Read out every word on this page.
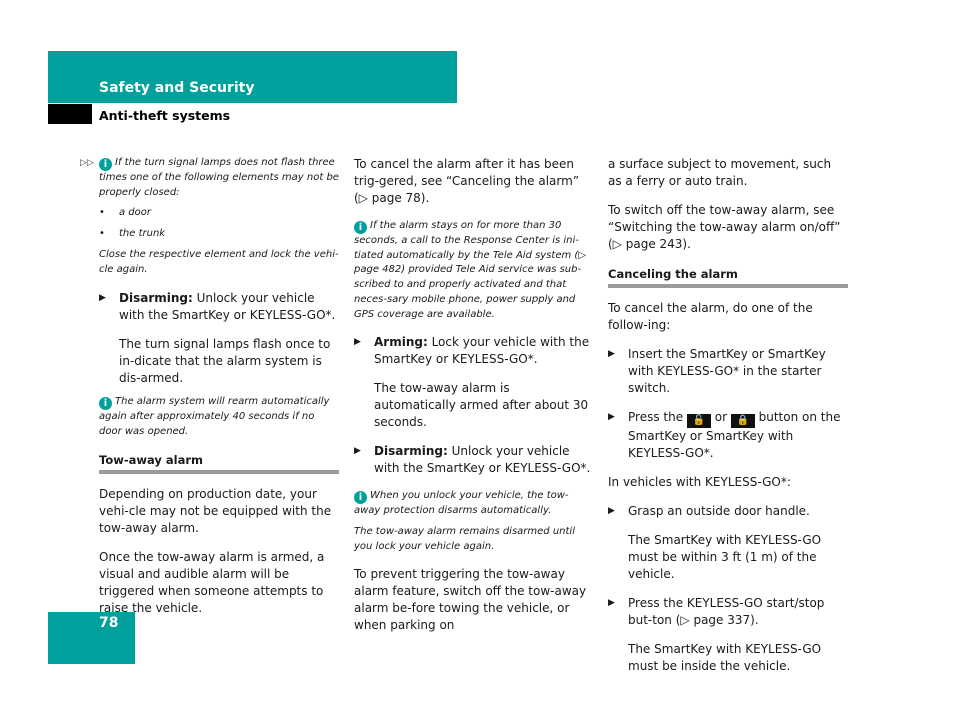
Safety and Security
Anti-theft systems
78

▷▷ i If the turn signal lamps does not flash three times one of the following elements may not be properly closed:

• a door
• the trunk

Close the respective element and lock the vehi-cle again.

▶ Disarming: Unlock your vehicle with the SmartKey or KEYLESS-GO*.

The turn signal lamps flash once to in-dicate that the alarm system is dis-armed.

i The alarm system will rearm automatically again after approximately 40 seconds if no door was opened.

Tow-away alarm

Depending on production date, your vehi-cle may not be equipped with the tow-away alarm.

Once the tow-away alarm is armed, a visual and audible alarm will be triggered when someone attempts to raise the vehicle.

To cancel the alarm after it has been trig-gered, see “Canceling the alarm” (▷ page 78).

i If the alarm stays on for more than 30 seconds, a call to the Response Center is ini-tiated automatically by the Tele Aid system (▷ page 482) provided Tele Aid service was sub-scribed to and properly activated and that neces-sary mobile phone, power supply and GPS coverage are available.

▶ Arming: Lock your vehicle with the SmartKey or KEYLESS-GO*.

The tow-away alarm is automatically armed after about 30 seconds.

▶ Disarming: Unlock your vehicle with the SmartKey or KEYLESS-GO*.

i When you unlock your vehicle, the tow-away protection disarms automatically.

The tow-away alarm remains disarmed until you lock your vehicle again.

To prevent triggering the tow-away alarm feature, switch off the tow-away alarm be-fore towing the vehicle, or when parking on

a surface subject to movement, such as a ferry or auto train.

To switch off the tow-away alarm, see “Switching the tow-away alarm on/off” (▷ page 243).

Canceling the alarm

To cancel the alarm, do one of the follow-ing:

▶ Insert the SmartKey or SmartKey with KEYLESS-GO* in the starter switch.
▶ Press the 🔓 or 🔒 button on the SmartKey or SmartKey with KEYLESS-GO*.

In vehicles with KEYLESS-GO*:

▶ Grasp an outside door handle.

The SmartKey with KEYLESS-GO must be within 3 ft (1 m) of the vehicle.

▶ Press the KEYLESS-GO start/stop but-ton (▷ page 337).

The SmartKey with KEYLESS-GO must be inside the vehicle.
